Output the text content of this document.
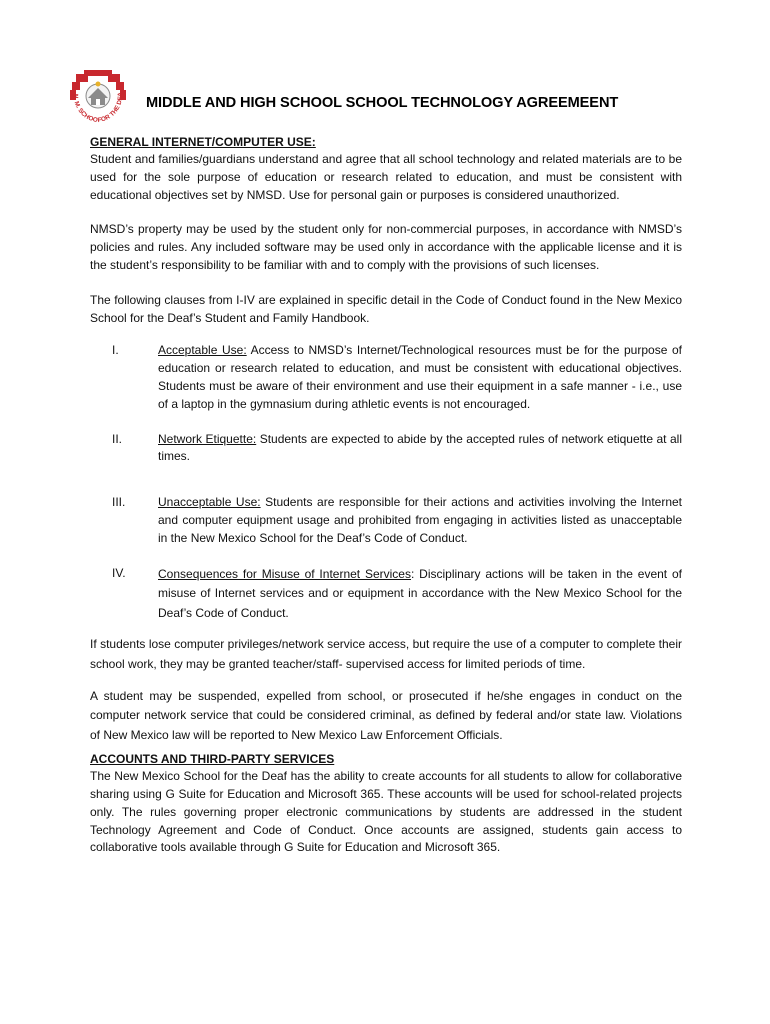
N. M. SCHOO
FOR THE DEA
MIDDLE AND HIGH SCHOOL SCHOOL TECHNOLOGY AGREEMEENT

GENERAL INTERNET/COMPUTER USE:

Student and families/guardians understand and agree that all school technology and related materials are to be used for the sole purpose of education or research related to education, and must be consistent with educational objectives set by NMSD. Use for personal gain or purposes is considered unauthorized.

NMSD’s property may be used by the student only for non-commercial purposes, in accordance with NMSD’s policies and rules. Any included software may be used only in accordance with the applicable license and it is the student’s responsibility to be familiar with and to comply with the provisions of such licenses.

The following clauses from I-IV are explained in specific detail in the Code of Conduct found in the New Mexico School for the Deaf’s Student and Family Handbook.

I.	Acceptable Use: Access to NMSD’s Internet/Technological resources must be for the purpose of education or research related to education, and must be consistent with educational objectives. Students must be aware of their environment and use their equipment in a safe manner - i.e., use of a laptop in the gymnasium during athletic events is not encouraged.
II.	Network Etiquette: Students are expected to abide by the accepted rules of network etiquette at all times.
III.	Unacceptable Use: Students are responsible for their actions and activities involving the Internet and computer equipment usage and prohibited from engaging in activities listed as unacceptable in the New Mexico School for the Deaf’s Code of Conduct.
IV.	Consequences for Misuse of Internet Services: Disciplinary actions will be taken in the event of misuse of Internet services and or equipment in accordance with the New Mexico School for the Deaf’s Code of Conduct.

If students lose computer privileges/network service access, but require the use of a computer to complete their school work, they may be granted teacher/staff- supervised access for limited periods of time.

A student may be suspended, expelled from school, or prosecuted if he/she engages in conduct on the computer network service that could be considered criminal, as defined by federal and/or state law. Violations of New Mexico law will be reported to New Mexico Law Enforcement Officials.

ACCOUNTS AND THIRD-PARTY SERVICES

The New Mexico School for the Deaf has the ability to create accounts for all students to allow for collaborative sharing using G Suite for Education and Microsoft 365. These accounts will be used for school-related projects only. The rules governing proper electronic communications by students are addressed in the student Technology Agreement and Code of Conduct. Once accounts are assigned, students gain access to collaborative tools available through G Suite for Education and Microsoft 365.
